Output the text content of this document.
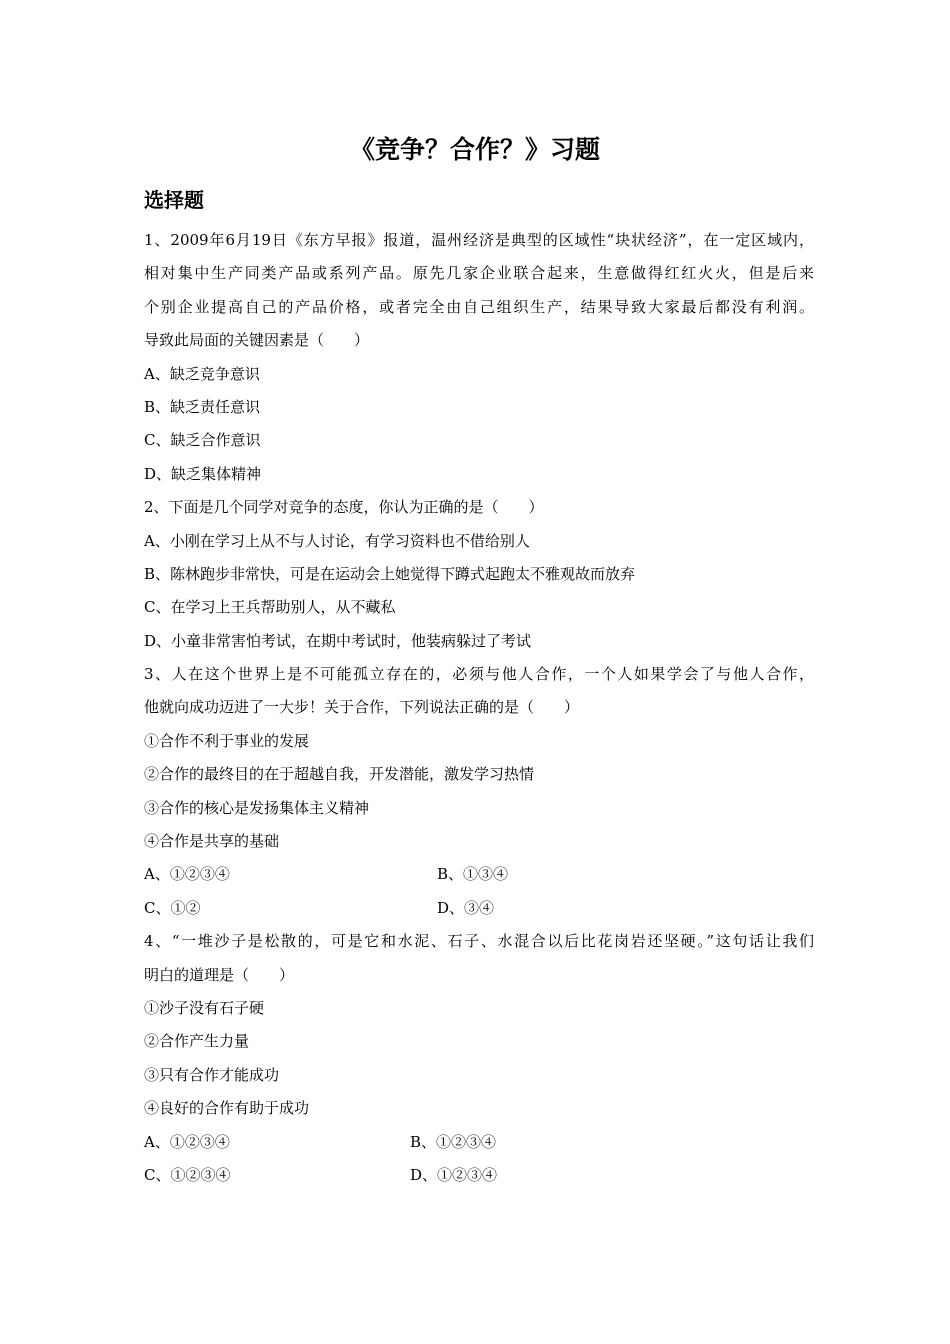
《竞争？合作？》习题
选择题
1、2009年6月19日《东方早报》报道，温州经济是典型的区域性“块状经济”，在一定区域内，
相对集中生产同类产品或系列产品。原先几家企业联合起来，生意做得红红火火，但是后来
个别企业提高自己的产品价格，或者完全由自己组织生产，结果导致大家最后都没有利润。
导致此局面的关键因素是（　　）
A、缺乏竞争意识
B、缺乏责任意识
C、缺乏合作意识
D、缺乏集体精神
2、下面是几个同学对竞争的态度，你认为正确的是（　　）
A、小刚在学习上从不与人讨论，有学习资料也不借给别人
B、陈林跑步非常快，可是在运动会上她觉得下蹲式起跑太不雅观故而放弃
C、在学习上王兵帮助别人，从不藏私
D、小童非常害怕考试，在期中考试时，他装病躲过了考试
3、人在这个世界上是不可能孤立存在的，必须与他人合作，一个人如果学会了与他人合作，
他就向成功迈进了一大步！关于合作，下列说法正确的是（　　）
①合作不利于事业的发展
②合作的最终目的在于超越自我，开发潜能，激发学习热情
③合作的核心是发扬集体主义精神
④合作是共享的基础
A、①②③④	B、①③④
C、①②	D、③④
4、“一堆沙子是松散的，可是它和水泥、石子、水混合以后比花岗岩还坚硬。”这句话让我们
明白的道理是（　　）
①沙子没有石子硬
②合作产生力量
③只有合作才能成功
④良好的合作有助于成功
A、①②③④	B、①②③④
C、①②③④	D、①②③④
